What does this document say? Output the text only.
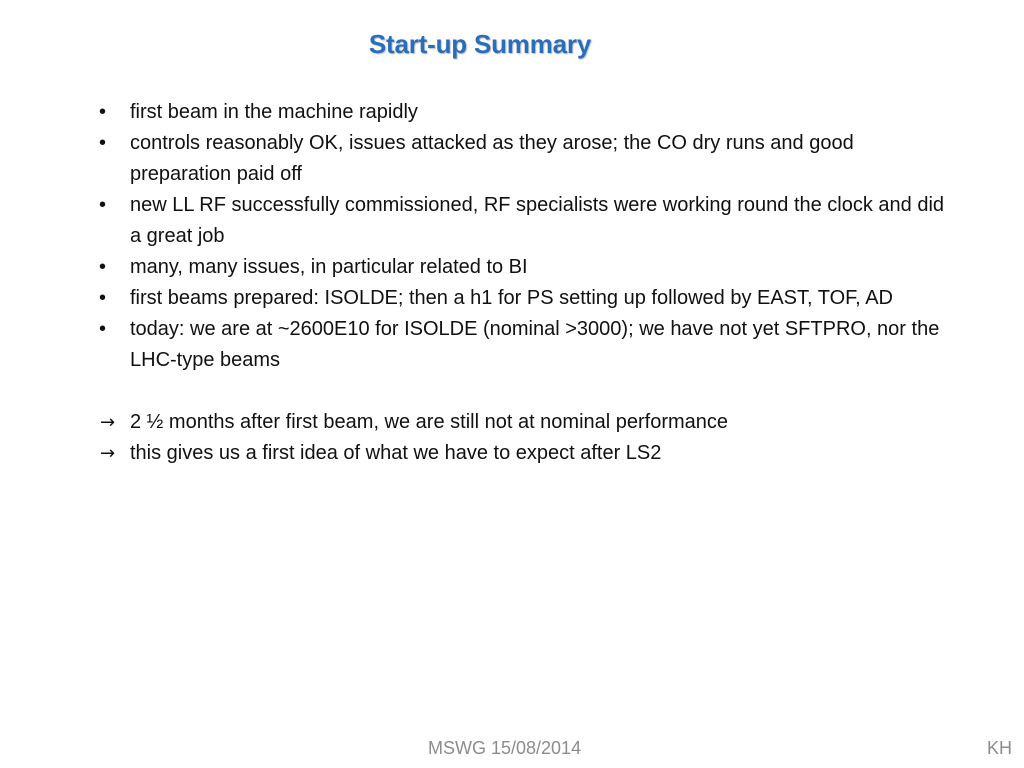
Start-up Summary
• first beam in the machine rapidly
• controls reasonably OK, issues attacked as they arose; the CO dry runs and good preparation paid off
• new LL RF successfully commissioned, RF specialists were working round the clock and did a great job
• many, many issues, in particular related to BI
• first beams prepared: ISOLDE; then a h1 for PS setting up followed by EAST, TOF, AD
• today: we are at ~2600E10 for ISOLDE (nominal >3000); we have not yet SFTPRO, nor the LHC-type beams
→ 2 ½ months after first beam, we are still not at nominal performance
→ this gives us a first idea of what we have to expect after LS2
MSWG 15/08/2014	KH
